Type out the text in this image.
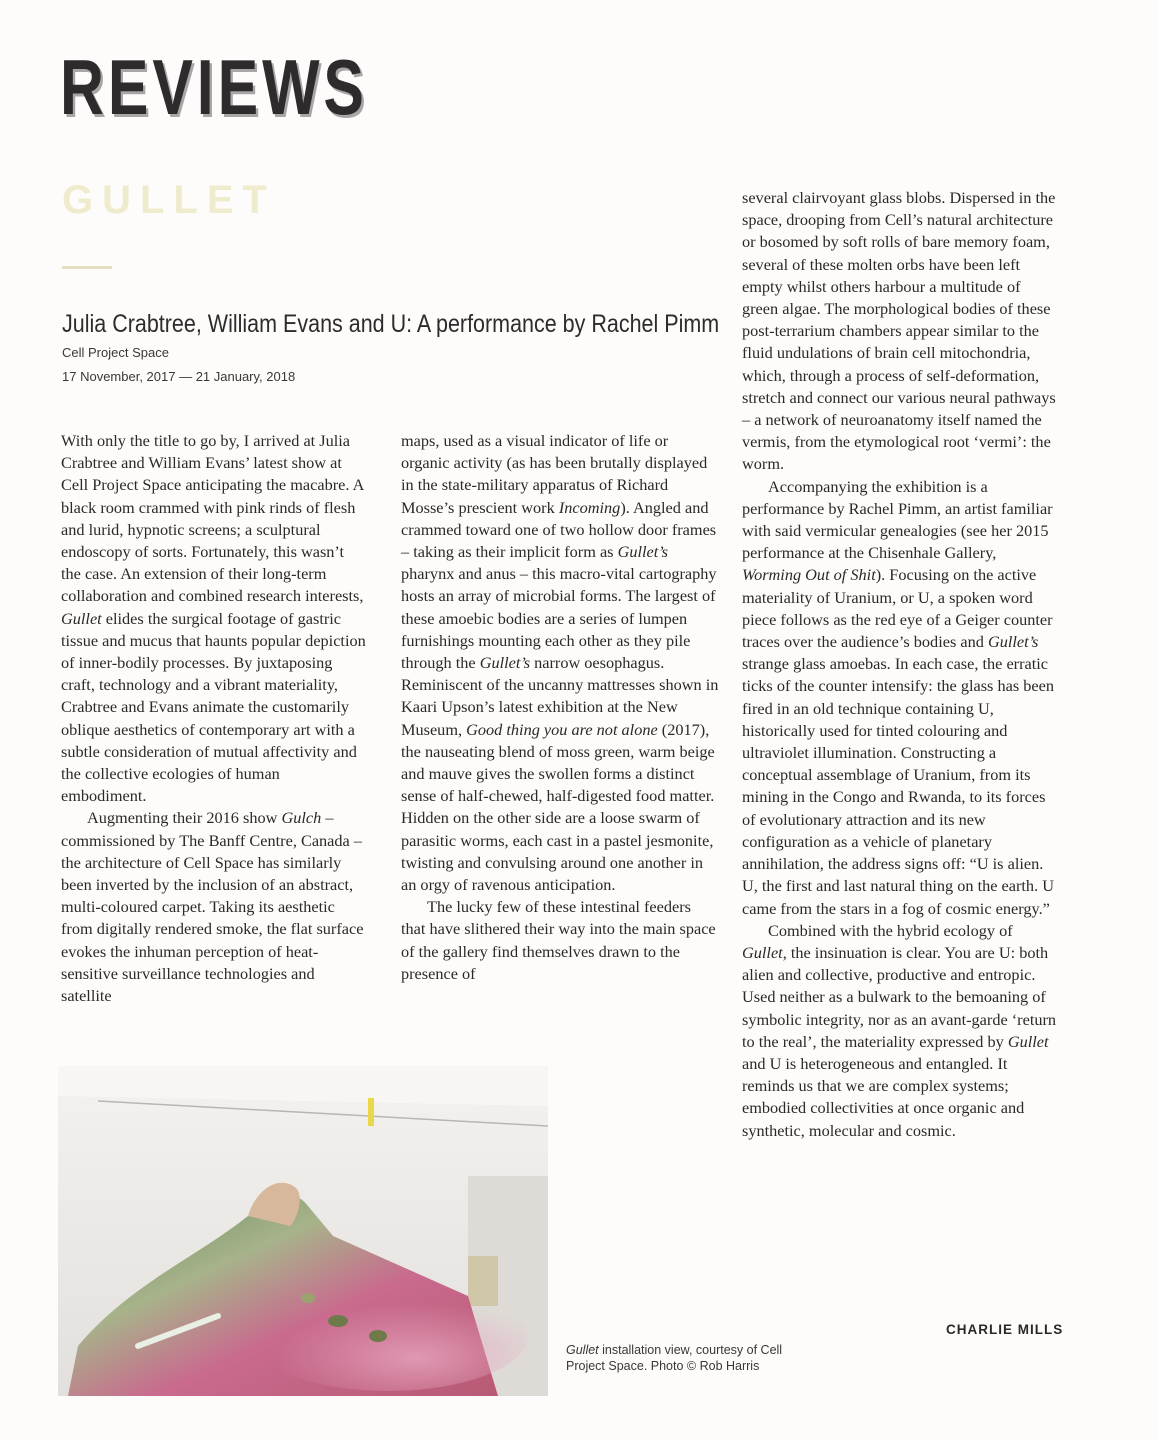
REVIEWS
GULLET
Julia Crabtree, William Evans and U: A performance by Rachel Pimm
Cell Project Space
17 November, 2017 — 21 January, 2018

With only the title to go by, I arrived at Julia Crabtree and William Evans’ latest show at Cell Project Space anticipating the macabre. A black room crammed with pink rinds of flesh and lurid, hypnotic screens; a sculptural endoscopy of sorts. Fortunately, this wasn’t the case. An extension of their long-term collaboration and combined research interests, Gullet elides the surgical footage of gastric tissue and mucus that haunts popular depiction of inner-bodily processes. By juxtaposing craft, technology and a vibrant materiality, Crabtree and Evans animate the customarily oblique aesthetics of contemporary art with a subtle consideration of mutual affectivity and the collective ecologies of human embodiment.

Augmenting their 2016 show Gulch – commissioned by The Banff Centre, Canada – the architecture of Cell Space has similarly been inverted by the inclusion of an abstract, multi-coloured carpet. Taking its aesthetic from digitally rendered smoke, the flat surface evokes the inhuman perception of heat-sensitive surveillance technologies and satellite

maps, used as a visual indicator of life or organic activity (as has been brutally displayed in the state-military apparatus of Richard Mosse’s prescient work Incoming). Angled and crammed toward one of two hollow door frames – taking as their implicit form as Gullet’s pharynx and anus – this macro-vital cartography hosts an array of microbial forms. The largest of these amoebic bodies are a series of lumpen furnishings mounting each other as they pile through the Gullet’s narrow oesophagus. Reminiscent of the uncanny mattresses shown in Kaari Upson’s latest exhibition at the New Museum, Good thing you are not alone (2017), the nauseating blend of moss green, warm beige and mauve gives the swollen forms a distinct sense of half-chewed, half-digested food matter. Hidden on the other side are a loose swarm of parasitic worms, each cast in a pastel jesmonite, twisting and convulsing around one another in an orgy of ravenous anticipation.

The lucky few of these intestinal feeders that have slithered their way into the main space of the gallery find themselves drawn to the presence of

several clairvoyant glass blobs. Dispersed in the space, drooping from Cell’s natural architecture or bosomed by soft rolls of bare memory foam, several of these molten orbs have been left empty whilst others harbour a multitude of green algae. The morphological bodies of these post-terrarium chambers appear similar to the fluid undulations of brain cell mitochondria, which, through a process of self-deformation, stretch and connect our various neural pathways – a network of neuroanatomy itself named the vermis, from the etymological root ‘vermi’: the worm.

Accompanying the exhibition is a performance by Rachel Pimm, an artist familiar with said vermicular genealogies (see her 2015 performance at the Chisenhale Gallery, Worming Out of Shit). Focusing on the active materiality of Uranium, or U, a spoken word piece follows as the red eye of a Geiger counter traces over the audience’s bodies and Gullet’s strange glass amoebas. In each case, the erratic ticks of the counter intensify: the glass has been fired in an old technique containing U, historically used for tinted colouring and ultraviolet illumination. Constructing a conceptual assemblage of Uranium, from its mining in the Congo and Rwanda, to its forces of evolutionary attraction and its new configuration as a vehicle of planetary annihilation, the address signs off: “U is alien. U, the first and last natural thing on the earth. U came from the stars in a fog of cosmic energy.”

Combined with the hybrid ecology of Gullet, the insinuation is clear. You are U: both alien and collective, productive and entropic. Used neither as a bulwark to the bemoaning of symbolic integrity, nor as an avant-garde ‘return to the real’, the materiality expressed by Gullet and U is heterogeneous and entangled. It reminds us that we are complex systems; embodied collectivities at once organic and synthetic, molecular and cosmic.

Gullet installation view, courtesy of Cell Project Space. Photo © Rob Harris
CHARLIE MILLS
